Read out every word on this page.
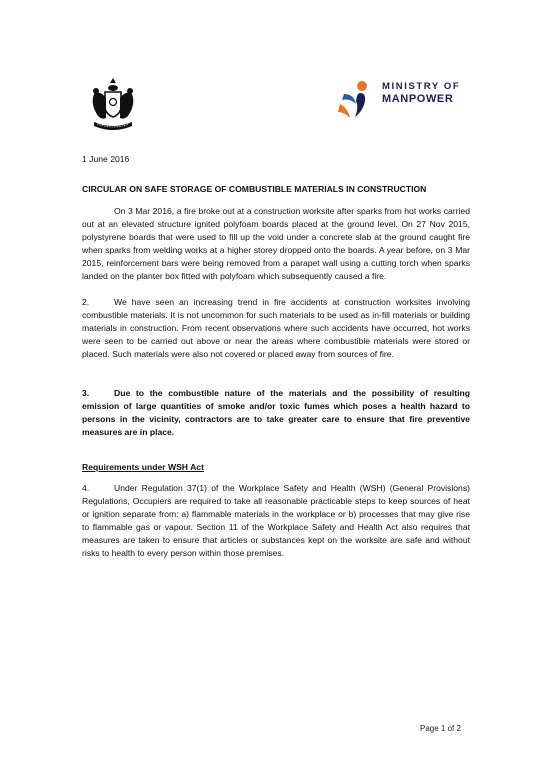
MINISTRY OF
MANPOWER
1 June 2016
CIRCULAR ON SAFE STORAGE OF COMBUSTIBLE MATERIALS IN CONSTRUCTION
On 3 Mar 2016, a fire broke out at a construction worksite after sparks from hot works carried out at an elevated structure ignited polyfoam boards placed at the ground level. On 27 Nov 2015, polystyrene boards that were used to fill up the void under a concrete slab at the ground caught fire when sparks from welding works at a higher storey dropped onto the boards. A year before, on 3 Mar 2015, reinforcement bars were being removed from a parapet wall using a cutting torch when sparks landed on the planter box fitted with polyfoam which subsequently caused a fire.
2.	We have seen an increasing trend in fire accidents at construction worksites involving combustible materials. It is not uncommon for such materials to be used as in-fill materials or building materials in construction. From recent observations where such accidents have occurred, hot works were seen to be carried out above or near the areas where combustible materials were stored or placed. Such materials were also not covered or placed away from sources of fire.
3.	Due to the combustible nature of the materials and the possibility of resulting emission of large quantities of smoke and/or toxic fumes which poses a health hazard to persons in the vicinity, contractors are to take greater care to ensure that fire preventive measures are in place.
Requirements under WSH Act
4.	Under Regulation 37(1) of the Workplace Safety and Health (WSH) (General Provisions) Regulations, Occupiers are required to take all reasonable practicable steps to keep sources of heat or ignition separate from: a) flammable materials in the workplace or b) processes that may give rise to flammable gas or vapour. Section 11 of the Workplace Safety and Health Act also requires that measures are taken to ensure that articles or substances kept on the worksite are safe and without risks to health to every person within those premises.
Page 1 of 2
